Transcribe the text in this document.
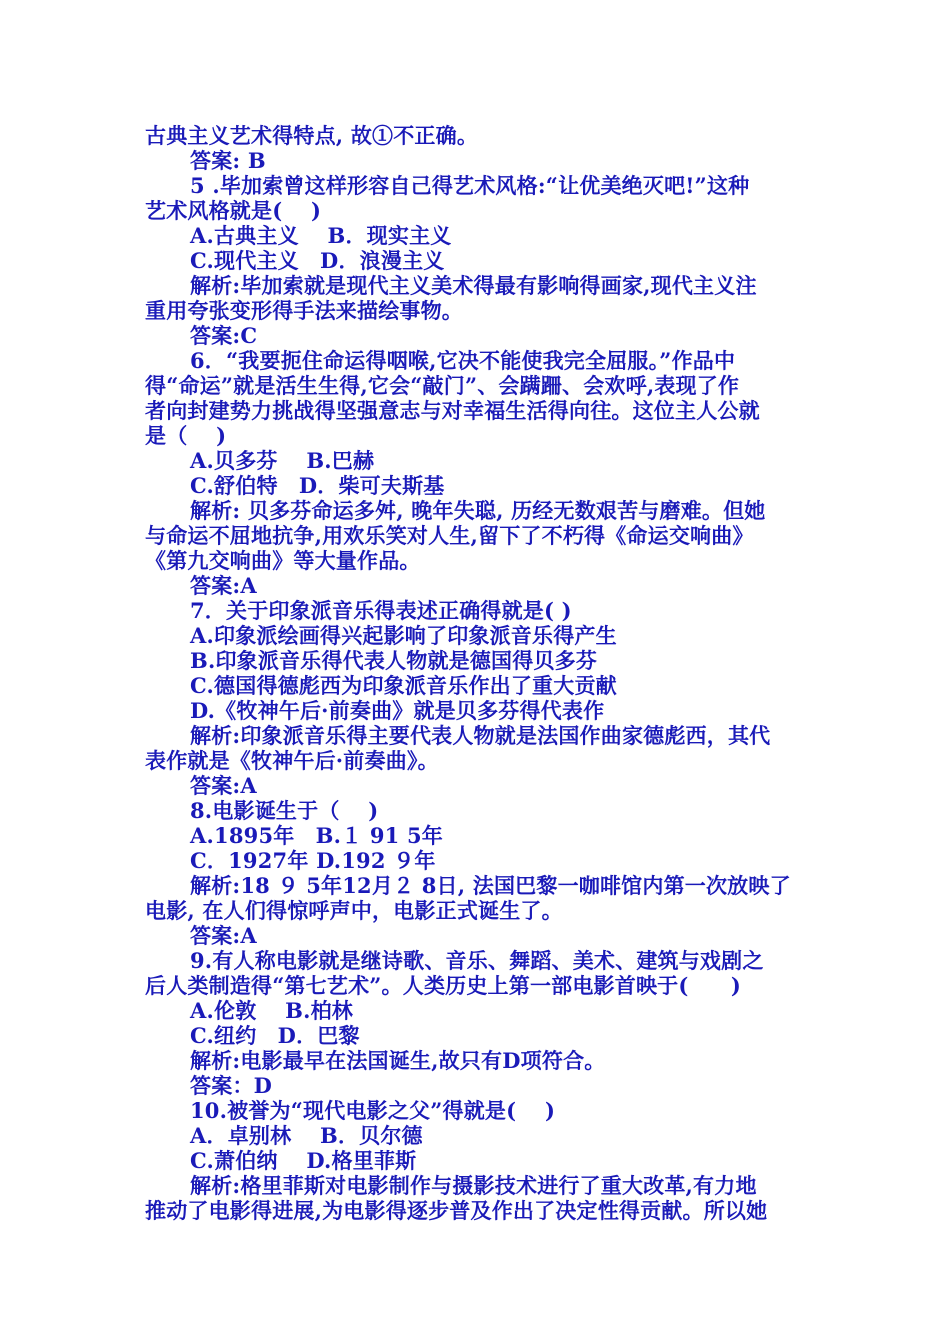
古典主义艺术得特点, 故①不正确。
答案: B
5 .毕加索曾这样形容自己得艺术风格:“让优美绝灭吧!”这种
艺术风格就是(　 )
A.古典主义　 B．现实主义
C.现代主义　D．浪漫主义
解析:毕加索就是现代主义美术得最有影响得画家,现代主义注
重用夸张变形得手法来描绘事物。
答案:C
6．“我要扼住命运得咽喉,它决不能使我完全屈服。”作品中
得“命运”就是活生生得,它会“敲门”、会蹒跚、会欢呼,表现了作
者向封建势力挑战得坚强意志与对幸福生活得向往。这位主人公就
是（　 )
A.贝多芬　 B.巴赫
C.舒伯特　D．柴可夫斯基
解析: 贝多芬命运多舛, 晚年失聪, 历经无数艰苦与磨难。但她
与命运不屈地抗争,用欢乐笑对人生,留下了不朽得《命运交响曲》
《第九交响曲》等大量作品。
答案:A
7．关于印象派音乐得表述正确得就是( )
A.印象派绘画得兴起影响了印象派音乐得产生
B.印象派音乐得代表人物就是德国得贝多芬
C.德国得德彪西为印象派音乐作出了重大贡献
D.《牧神午后·前奏曲》就是贝多芬得代表作
解析:印象派音乐得主要代表人物就是法国作曲家德彪西，其代
表作就是《牧神午后·前奏曲》。
答案:A
8.电影诞生于（　 )
A.1895年　B.１ 91 5年
C．1927年 D.192 ９年
解析:18 ９ 5年12月２ 8日, 法国巴黎一咖啡馆内第一次放映了
电影, 在人们得惊呼声中，电影正式诞生了。
答案:A
9.有人称电影就是继诗歌、音乐、舞蹈、美术、建筑与戏剧之
后人类制造得“第七艺术”。人类历史上第一部电影首映于(　　)
A.伦敦　 B.柏林
C.纽约　D．巴黎
解析:电影最早在法国诞生,故只有D项符合。
答案：D
10.被誉为“现代电影之父”得就是(　 )
A．卓别林　 B．贝尔德
C.萧伯纳　 D.格里菲斯
解析:格里菲斯对电影制作与摄影技术进行了重大改革,有力地
推动了电影得进展,为电影得逐步普及作出了决定性得贡献。所以她
